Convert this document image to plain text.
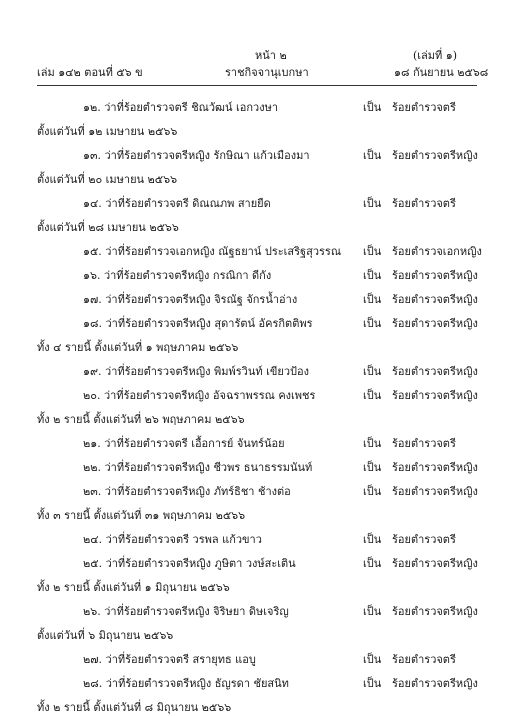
หน้า ๒	(เล่มที่ ๑)
เล่ม ๑๔๒ ตอนที่ ๕๖ ข	ราชกิจจานุเบกษา	๑๘ กันยายน ๒๕๖๘
๑๒. ว่าที่ร้อยตำรวจตรี ชิณวัฒน์ เอกวงษา	เป็น ร้อยตำรวจตรี
ตั้งแต่วันที่ ๑๒ เมษายน ๒๕๖๖
๑๓. ว่าที่ร้อยตำรวจตรีหญิง รักษิณา แก้วเมืองมา	เป็น ร้อยตำรวจตรีหญิง
ตั้งแต่วันที่ ๒๐ เมษายน ๒๕๖๖
๑๔. ว่าที่ร้อยตำรวจตรี ดิณณภพ สายยืด	เป็น ร้อยตำรวจตรี
ตั้งแต่วันที่ ๒๘ เมษายน ๒๕๖๖
๑๕. ว่าที่ร้อยตำรวจเอกหญิง ณัฐธยาน์ ประเสริฐสุวรรณ เป็น ร้อยตำรวจเอกหญิง
๑๖. ว่าที่ร้อยตำรวจตรีหญิง กรณิกา ดีกัง	เป็น ร้อยตำรวจตรีหญิง
๑๗. ว่าที่ร้อยตำรวจตรีหญิง จิรณัฐ จักรน้ำอ่าง	เป็น ร้อยตำรวจตรีหญิง
๑๘. ว่าที่ร้อยตำรวจตรีหญิง สุดารัตน์ อัครกิตติพร	เป็น ร้อยตำรวจตรีหญิง
ทั้ง ๔ รายนี้ ตั้งแต่วันที่ ๑ พฤษภาคม ๒๕๖๖
๑๙. ว่าที่ร้อยตำรวจตรีหญิง พิมพ์รวินท์ เขียวป้อง	เป็น ร้อยตำรวจตรีหญิง
๒๐. ว่าที่ร้อยตำรวจตรีหญิง อัจฉราพรรณ คงเพชร	เป็น ร้อยตำรวจตรีหญิง
ทั้ง ๒ รายนี้ ตั้งแต่วันที่ ๒๖ พฤษภาคม ๒๕๖๖
๒๑. ว่าที่ร้อยตำรวจตรี เอื้อการย์ จันทร์น้อย	เป็น ร้อยตำรวจตรี
๒๒. ว่าที่ร้อยตำรวจตรีหญิง ชีวพร ธนาธรรมนันท์	เป็น ร้อยตำรวจตรีหญิง
๒๓. ว่าที่ร้อยตำรวจตรีหญิง ภัทร์ธิชา ช้างต่อ	เป็น ร้อยตำรวจตรีหญิง
ทั้ง ๓ รายนี้ ตั้งแต่วันที่ ๓๑ พฤษภาคม ๒๕๖๖
๒๔. ว่าที่ร้อยตำรวจตรี วรพล แก้วขาว	เป็น ร้อยตำรวจตรี
๒๕. ว่าที่ร้อยตำรวจตรีหญิง ภูษิตา วงษ์สะเติน	เป็น ร้อยตำรวจตรีหญิง
ทั้ง ๒ รายนี้ ตั้งแต่วันที่ ๑ มิถุนายน ๒๕๖๖
๒๖. ว่าที่ร้อยตำรวจตรีหญิง จิริษยา ดิษเจริญ	เป็น ร้อยตำรวจตรีหญิง
ตั้งแต่วันที่ ๖ มิถุนายน ๒๕๖๖
๒๗. ว่าที่ร้อยตำรวจตรี สรายุทธ แอบู	เป็น ร้อยตำรวจตรี
๒๘. ว่าที่ร้อยตำรวจตรีหญิง ธัญรดา ชัยสนิท	เป็น ร้อยตำรวจตรีหญิง
ทั้ง ๒ รายนี้ ตั้งแต่วันที่ ๘ มิถุนายน ๒๕๖๖
